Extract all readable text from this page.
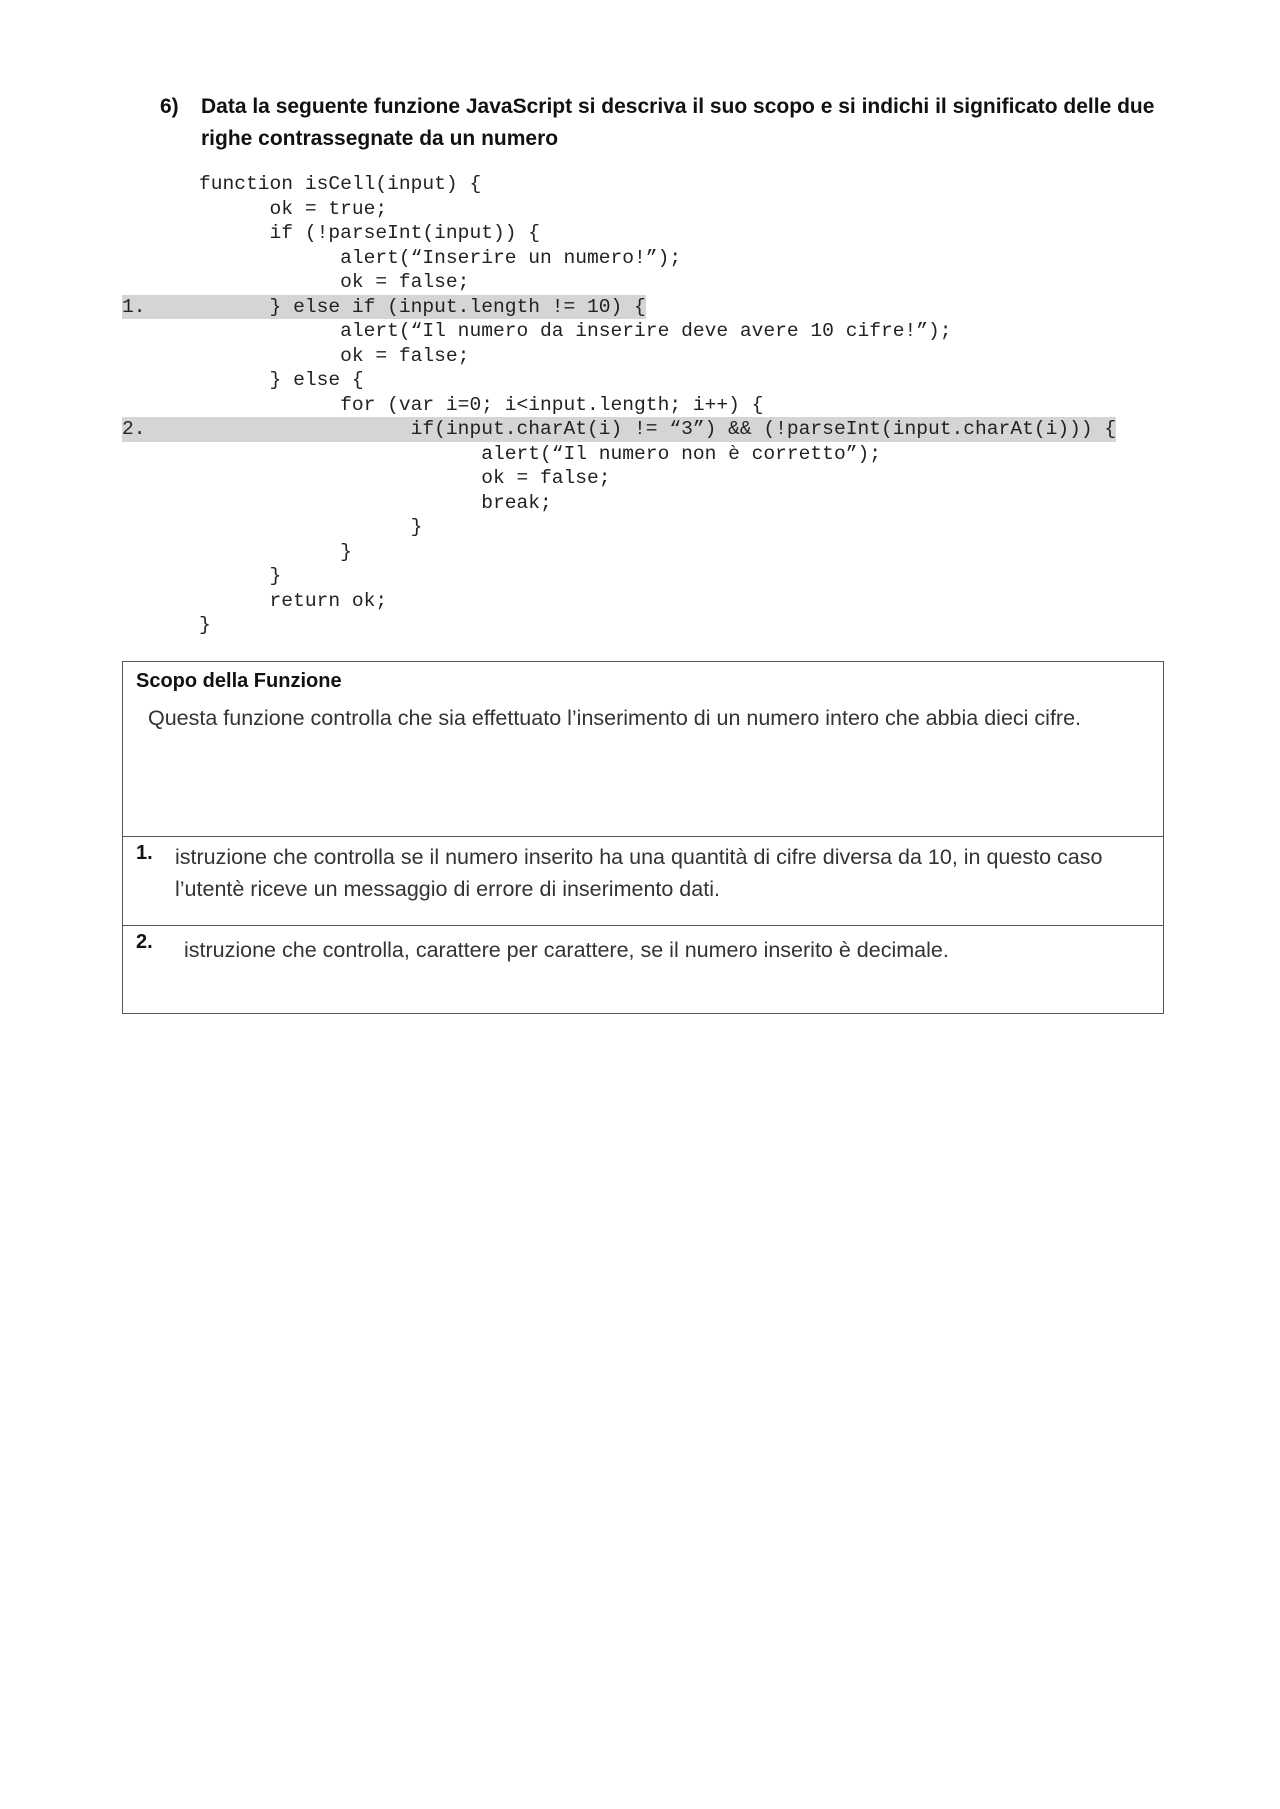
6)	Data la seguente funzione JavaScript si descriva il suo scopo e si indichi il significato delle due righe contrassegnate da un numero
function isCell(input) {
ok = true;
if (!parseInt(input)) {
alert(“Inserire un numero!”);
ok = false;
1.	} else if (input.length != 10) {
alert(“Il numero da inserire deve avere 10 cifre!”);
ok = false;
} else {
for (var i=0; i<input.length; i++) {
2.	if(input.charAt(i) != “3”) && (!parseInt(input.charAt(i))) {
alert(“Il numero non è corretto”);
ok = false;
break;
}
}
}
return ok;
}
Scopo della Funzione
Questa funzione controlla che sia effettuato l’inserimento di un numero intero che abbia dieci cifre.
1. istruzione che controlla se il numero inserito ha una quantità di cifre diversa da 10, in questo caso l’utentè riceve un messaggio di errore di inserimento dati.
2. istruzione che controlla, carattere per carattere, se il numero inserito è decimale.
